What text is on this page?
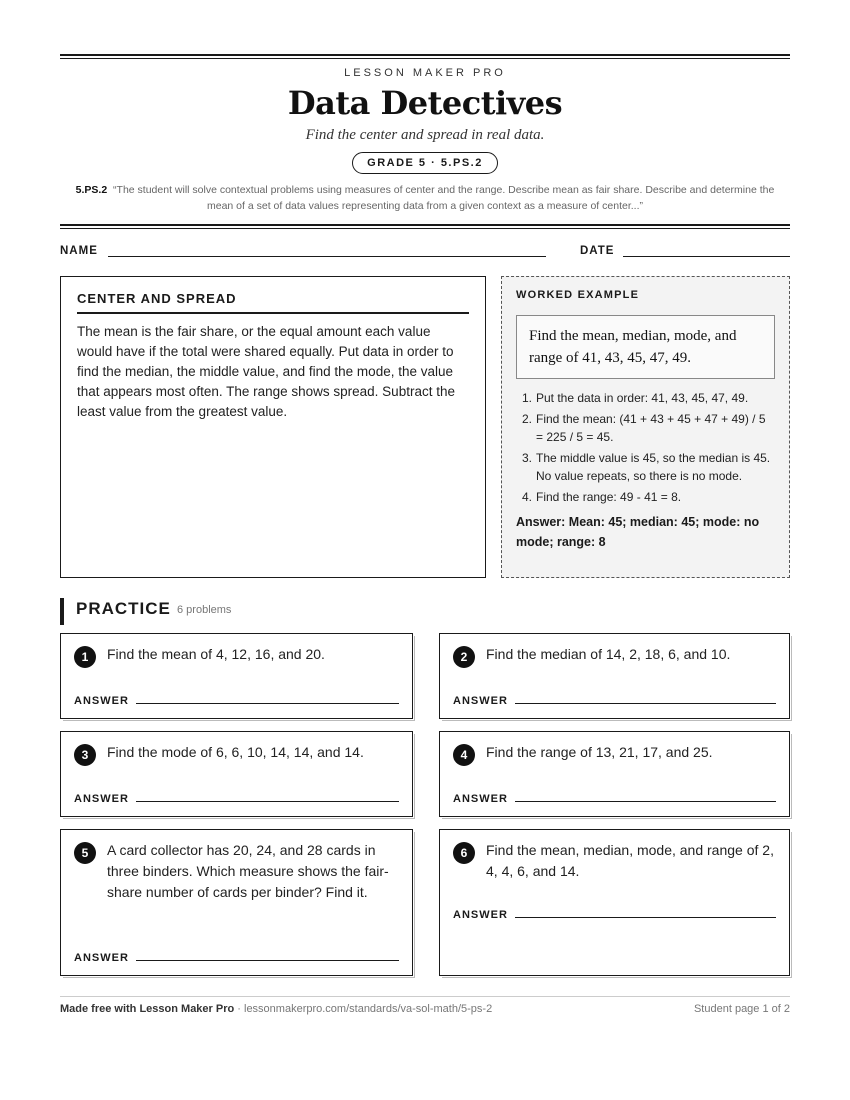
LESSON MAKER PRO
Data Detectives
Find the center and spread in real data.
GRADE 5 · 5.PS.2
5.PS.2 “The student will solve contextual problems using measures of center and the range. Describe mean as fair share. Describe and determine the mean of a set of data values representing data from a given context as a measure of center...”
NAME	DATE
CENTER AND SPREAD

The mean is the fair share, or the equal amount each value would have if the total were shared equally. Put data in order to find the median, the middle value, and find the mode, the value that appears most often. The range shows spread. Subtract the least value from the greatest value.

WORKED EXAMPLE
Find the mean, median, mode, and range of 41, 43, 45, 47, 49.
1. Put the data in order: 41, 43, 45, 47, 49.
2. Find the mean: (41 + 43 + 45 + 47 + 49) / 5 = 225 / 5 = 45.
3. The middle value is 45, so the median is 45. No value repeats, so there is no mode.
4. Find the range: 49 - 41 = 8.
Answer: Mean: 45; median: 45; mode: no mode; range: 8
PRACTICE 6 problems
1	Find the mean of 4, 12, 16, and 20.
ANSWER
2	Find the median of 14, 2, 18, 6, and 10.
ANSWER
3	Find the mode of 6, 6, 10, 14, 14, and 14.
ANSWER
4	Find the range of 13, 21, 17, and 25.
ANSWER
5	A card collector has 20, 24, and 28 cards in three binders. Which measure shows the fair-share number of cards per binder? Find it.
ANSWER
6	Find the mean, median, mode, and range of 2, 4, 4, 6, and 14.
ANSWER
Made free with Lesson Maker Pro · lessonmakerpro.com/standards/va-sol-math/5-ps-2	Student page 1 of 2
